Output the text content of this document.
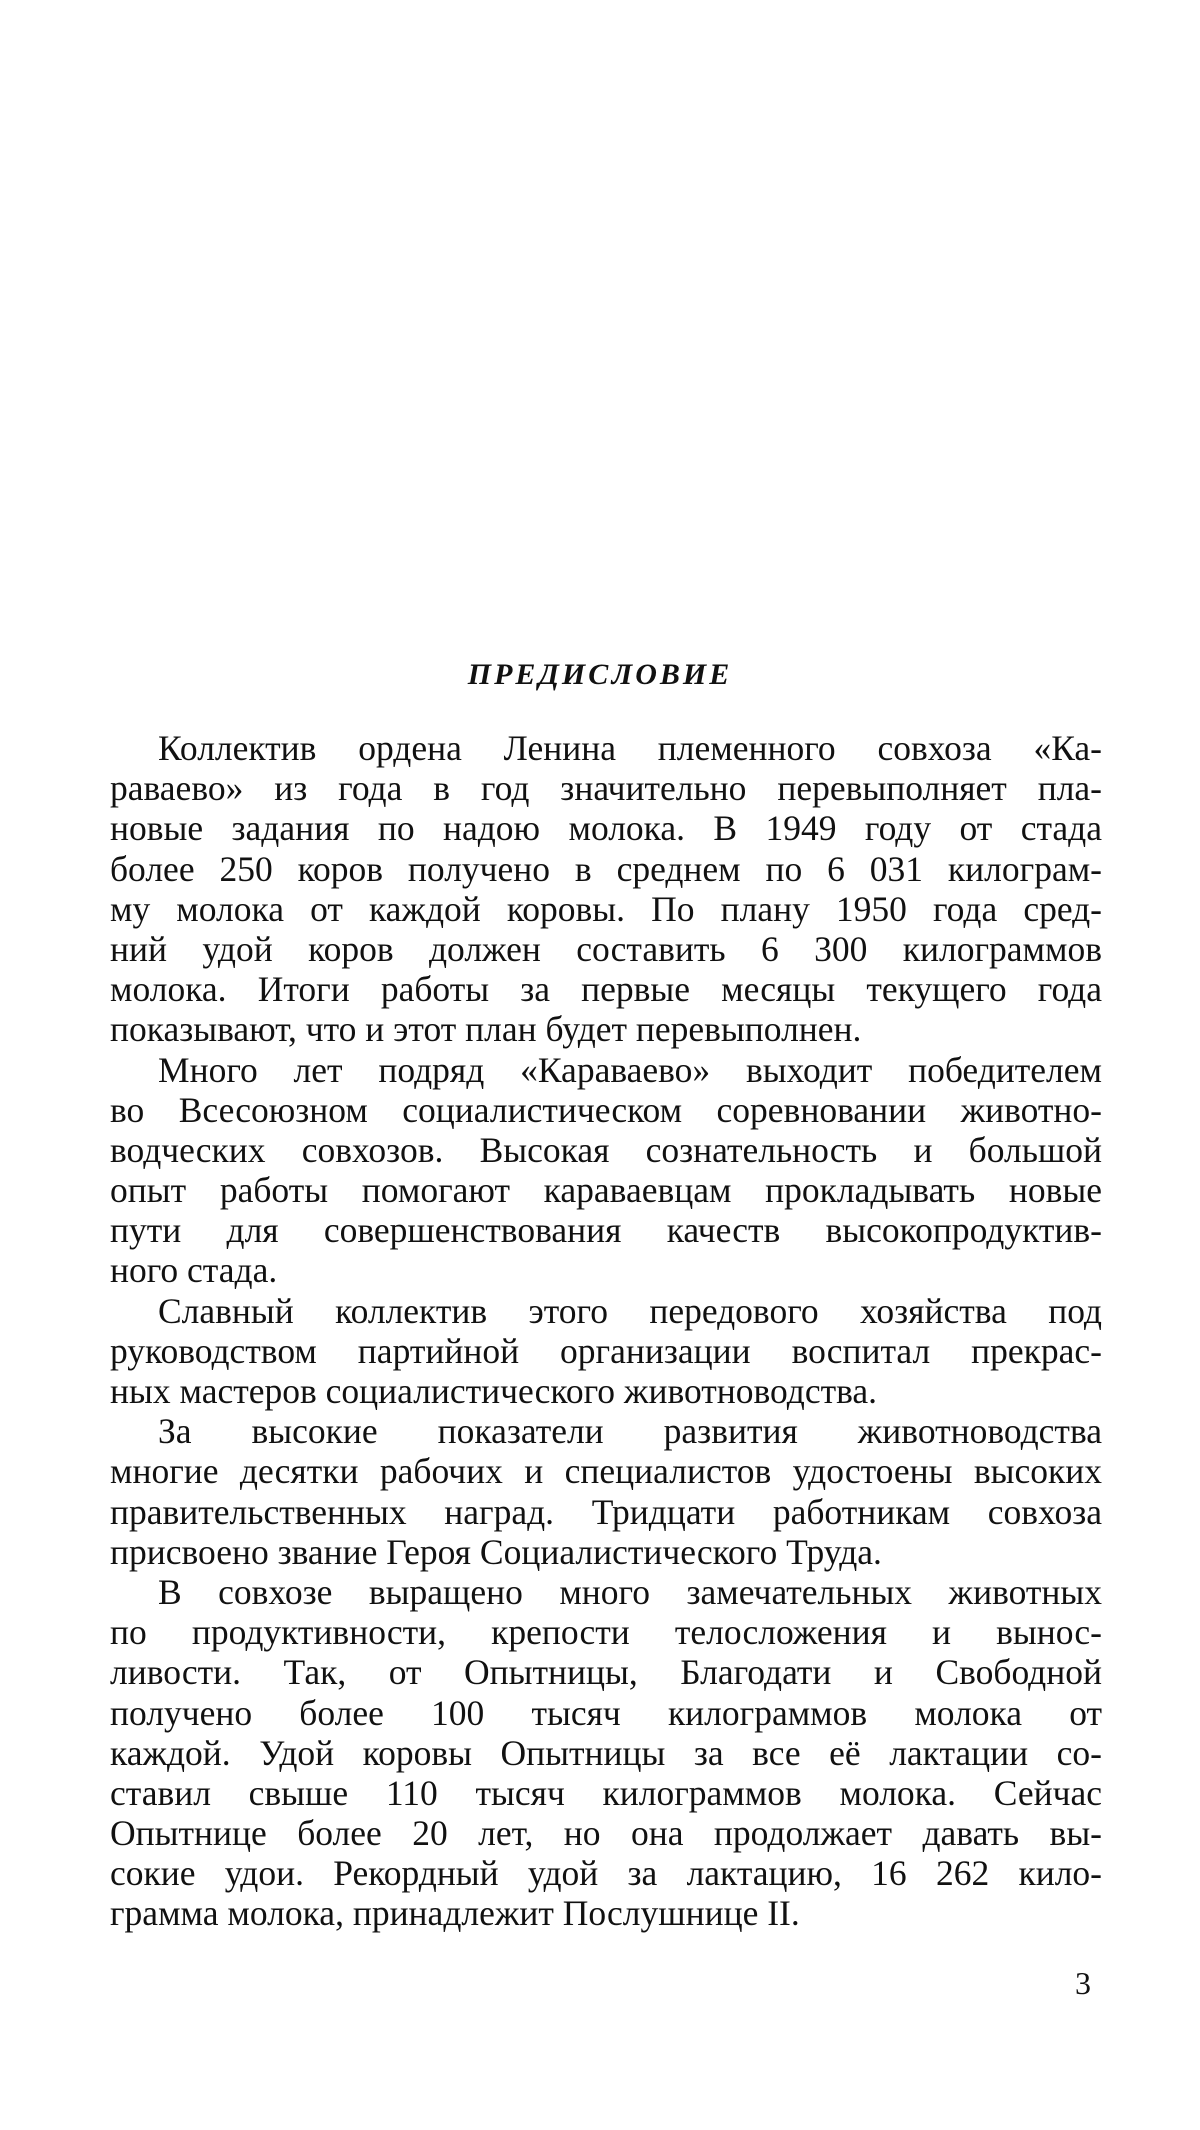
ПРЕДИСЛОВИЕ
Коллектив ордена Ленина племенного совхоза «Ка-
раваево» из года в год значительно перевыполняет пла-
новые задания по надою молока. В 1949 году от стада
более 250 коров получено в среднем по 6 031 килограм-
му молока от каждой коровы. По плану 1950 года сред-
ний удой коров должен составить 6 300 килограммов
молока. Итоги работы за первые месяцы текущего года
показывают, что и этот план будет перевыполнен.
Много лет подряд «Караваево» выходит победителем
во Всесоюзном социалистическом соревновании животно-
водческих совхозов. Высокая сознательность и большой
опыт работы помогают караваевцам прокладывать новые
пути для совершенствования качеств высокопродуктив-
ного стада.
Славный коллектив этого передового хозяйства под
руководством партийной организации воспитал прекрас-
ных мастеров социалистического животноводства.
За высокие показатели развития животноводства
многие десятки рабочих и специалистов удостоены высоких
правительственных наград. Тридцати работникам совхоза
присвоено звание Героя Социалистического Труда.
В совхозе выращено много замечательных животных
по продуктивности, крепости телосложения и вынос-
ливости. Так, от Опытницы, Благодати и Свободной
получено более 100 тысяч килограммов молока от
каждой. Удой коровы Опытницы за все её лактации со-
ставил свыше 110 тысяч килограммов молока. Сейчас
Опытнице более 20 лет, но она продолжает давать вы-
сокие удои. Рекордный удой за лактацию, 16 262 кило-
грамма молока, принадлежит Послушнице II.
3
